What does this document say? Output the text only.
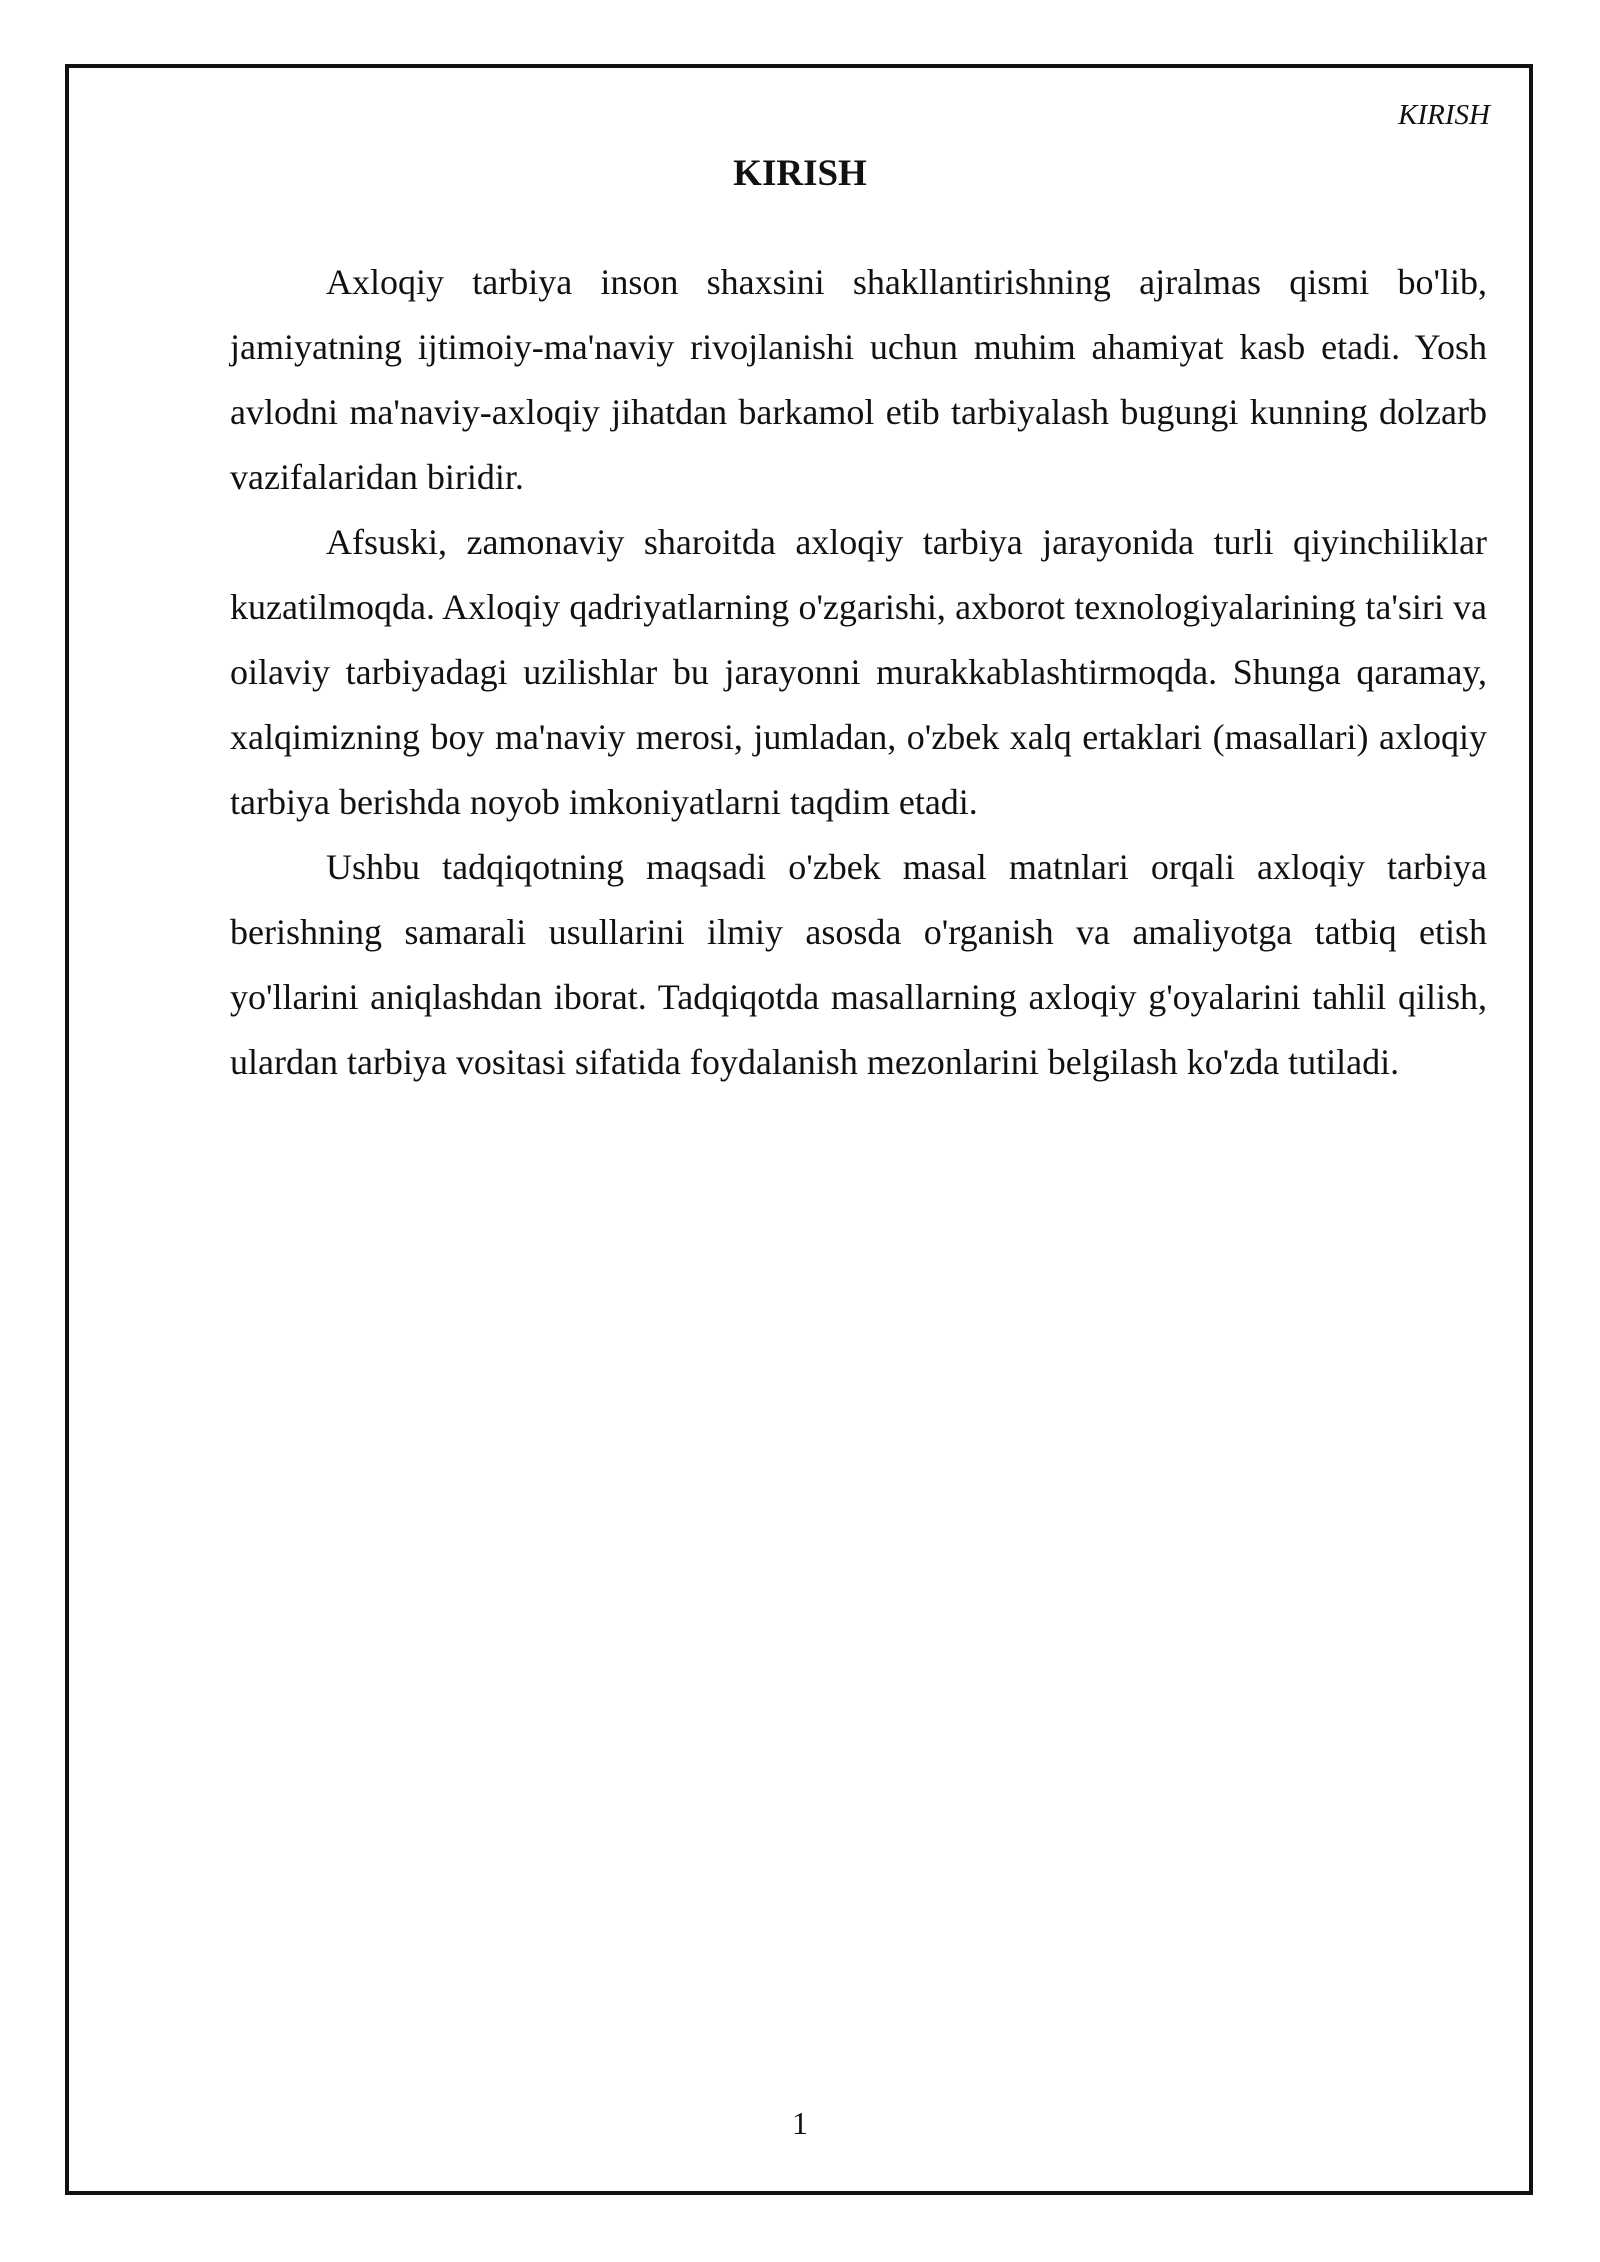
KIRISH
KIRISH

Axloqiy tarbiya inson shaxsini shakllantirishning ajralmas qismi bo'lib, jamiyatning ijtimoiy-ma'naviy rivojlanishi uchun muhim ahamiyat kasb etadi. Yosh avlodni ma'naviy-axloqiy jihatdan barkamol etib tarbiyalash bugungi kunning dolzarb vazifalaridan biridir.

Afsuski, zamonaviy sharoitda axloqiy tarbiya jarayonida turli qiyinchiliklar kuzatilmoqda. Axloqiy qadriyatlarning o'zgarishi, axborot texnologiyalarining ta'siri va oilaviy tarbiyadagi uzilishlar bu jarayonni murakkablashtirmoqda. Shunga qaramay, xalqimizning boy ma'naviy merosi, jumladan, o'zbek xalq ertaklari (masallari) axloqiy tarbiya berishda noyob imkoniyatlarni taqdim etadi.

Ushbu tadqiqotning maqsadi o'zbek masal matnlari orqali axloqiy tarbiya berishning samarali usullarini ilmiy asosda o'rganish va amaliyotga tatbiq etish yo'llarini aniqlashdan iborat. Tadqiqotda masallarning axloqiy g'oyalarini tahlil qilish, ulardan tarbiya vositasi sifatida foydalanish mezonlarini belgilash ko'zda tutiladi.

1
